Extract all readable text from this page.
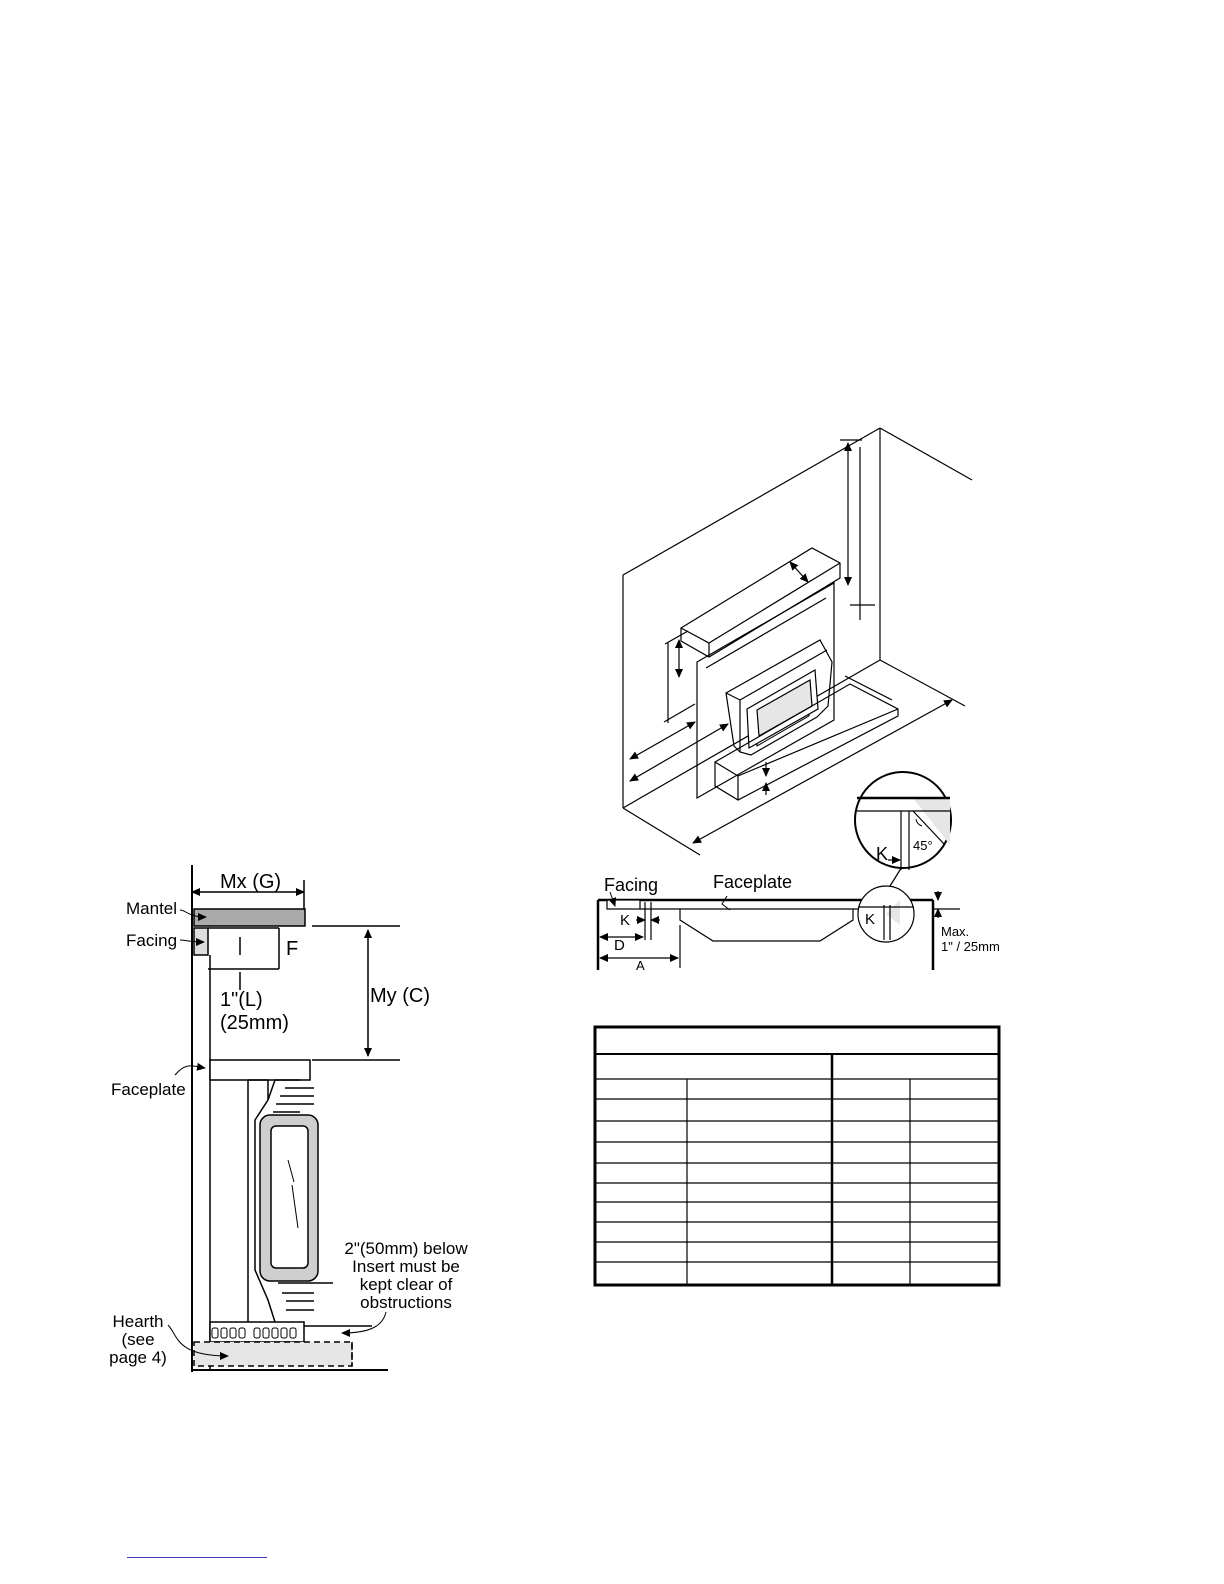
Mantel
Facing
Faceplate
Hearth
(see
page 4)
Mx (G)
F
1"(L)
(25mm)
My (C)
2"(50mm) below
Insert must be
kept clear of
obstructions
Facing	Faceplate
K
D
A
K
K 45°
Max.
1" / 25mm
